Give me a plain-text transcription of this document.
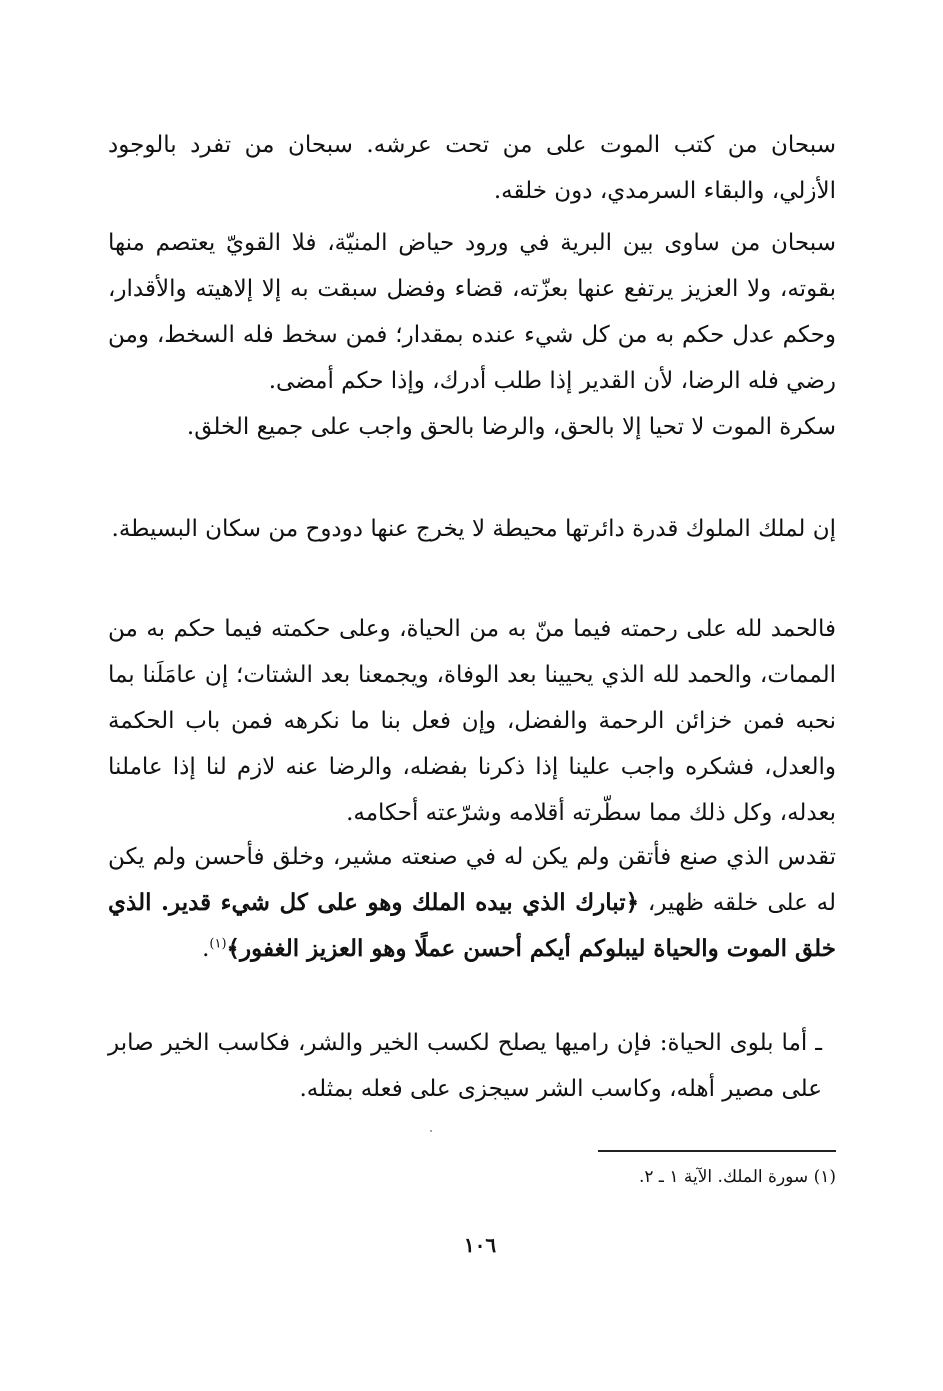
سبحان من كتب الموت على من تحت عرشه. سبحان من تفرد بالوجود الأزلي، والبقاء السرمدي، دون خلقه.

سبحان من ساوى بين البرية في ورود حياض المنيّة، فلا القويّ يعتصم منها بقوته، ولا العزيز يرتفع عنها بعزّته، قضاء وفضل سبقت به إلا إلاهيته والأقدار، وحكم عدل حكم به من كل شيء عنده بمقدار؛ فمن سخط فله السخط، ومن رضي فله الرضا، لأن القدير إذا طلب أدرك، وإذا حكم أمضى.

سكرة الموت لا تحيا إلا بالحق، والرضا بالحق واجب على جميع الخلق.

إن لملك الملوك قدرة دائرتها محيطة لا يخرج عنها دودوح من سكان البسيطة.

فالحمد لله على رحمته فيما منّ به من الحياة، وعلى حكمته فيما حكم به من الممات، والحمد لله الذي يحيينا بعد الوفاة، ويجمعنا بعد الشتات؛ إن عامَلَنا بما نحبه فمن خزائن الرحمة والفضل، وإن فعل بنا ما نكرهه فمن باب الحكمة والعدل، فشكره واجب علينا إذا ذكرنا بفضله، والرضا عنه لازم لنا إذا عاملنا بعدله، وكل ذلك مما سطّرته أقلامه وشرّعته أحكامه.

تقدس الذي صنع فأتقن ولم يكن له في صنعته مشير، وخلق فأحسن ولم يكن له على خلقه ظهير، ﴿تبارك الذي بيده الملك وهو على كل شيء قدير. الذي خلق الموت والحياة ليبلوكم أيكم أحسن عملًا وهو العزيز الغفور﴾$^{(١)}$.

ـ أما بلوى الحياة: فإن راميها يصلح لكسب الخير والشر، فكاسب الخير صابر على مصير أهله، وكاسب الشر سيجزى على فعله بمثله.

(١) سورة الملك. الآية ١ ـ ٢.
١٠٦
